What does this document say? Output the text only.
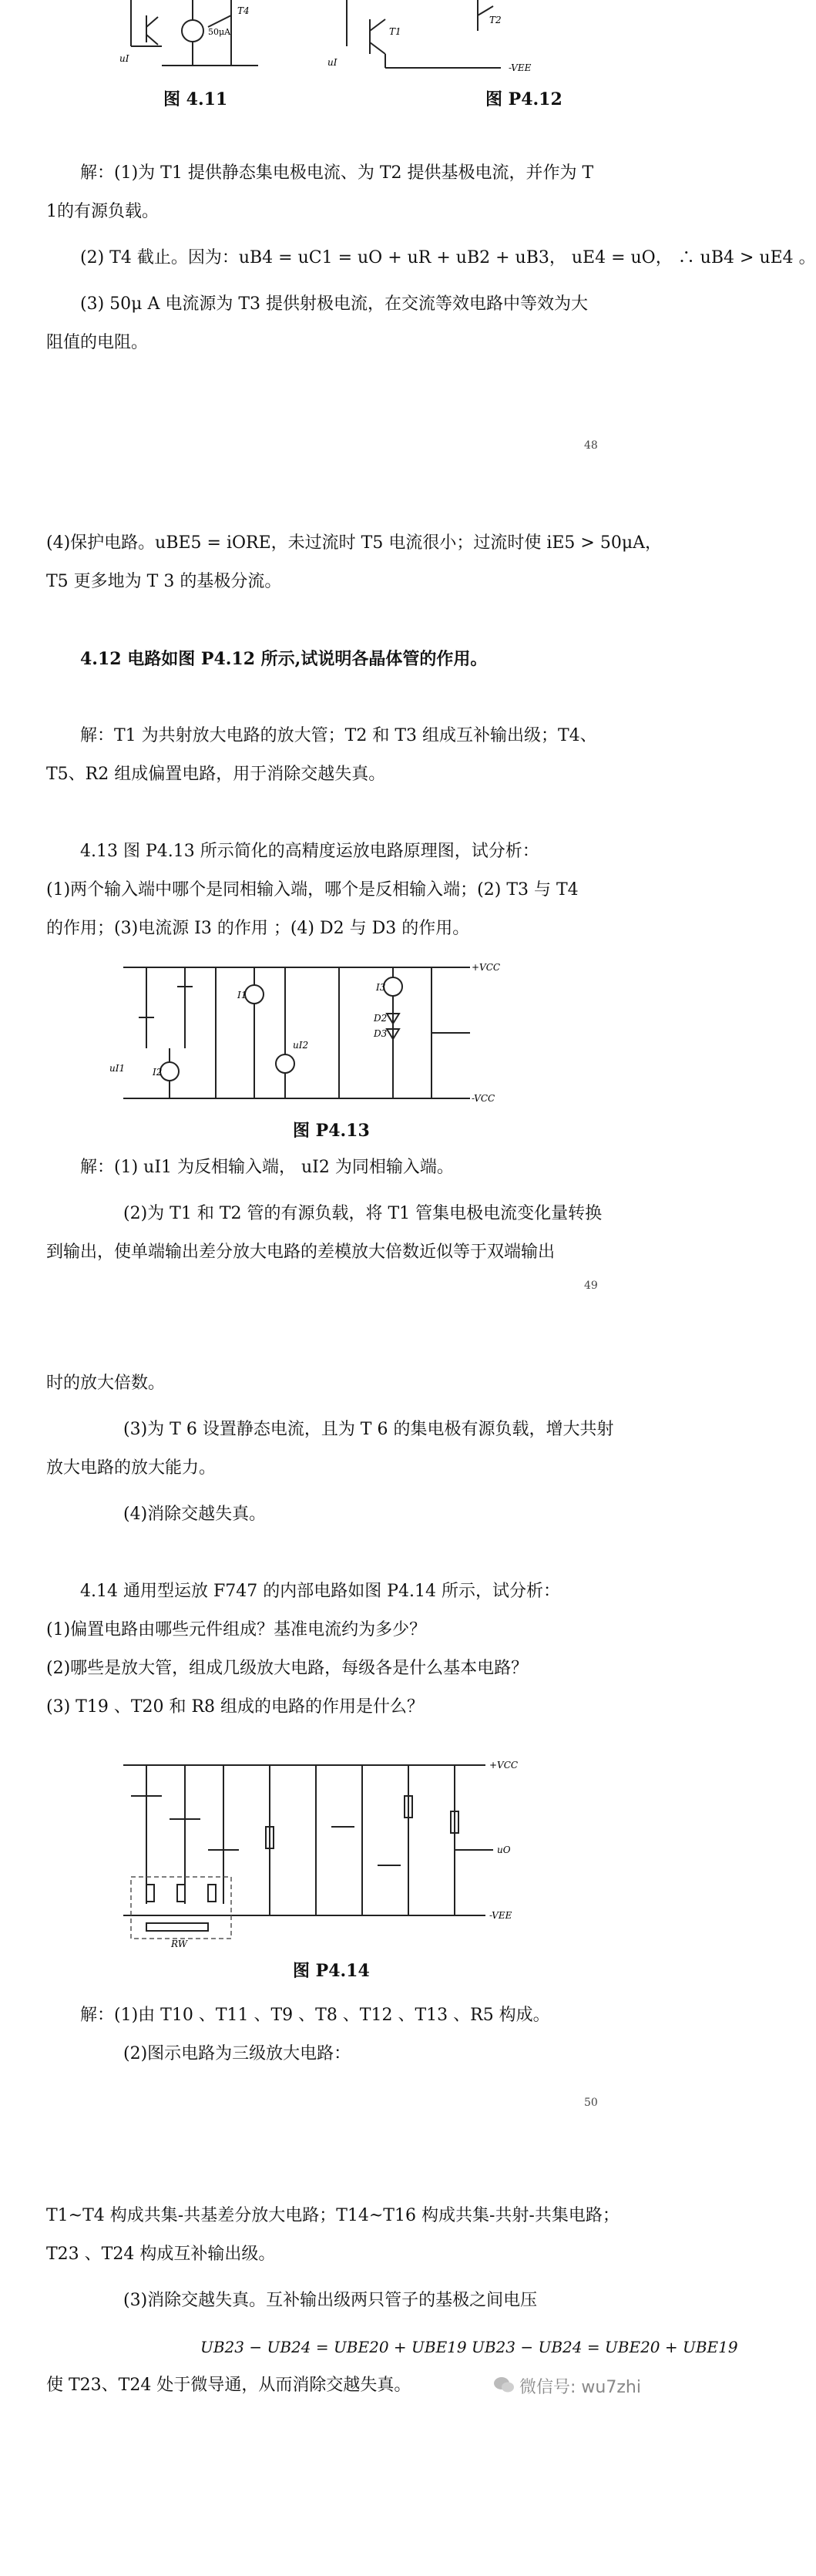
uI
50μA
T4
uI
T1
T2
-VEE
图 4.11	图 P4.12
解：(1)为 T1 提供静态集电极电流、为 T2 提供基极电流，并作为 T
1的有源负载。
(2) T4 截止。因为：uB4 = uC1 = uO + uR + uB2 + uB3， uE4 = uO， ∴ uB4 > uE4 。
(3) 50μ A 电流源为 T3 提供射极电流，在交流等效电路中等效为大
阻值的电阻。
48
(4)保护电路。uBE5 = iORE，未过流时 T5 电流很小；过流时使 iE5 > 50μA，
T5 更多地为 T 3 的基极分流。
4.12 电路如图 P4.12 所示,试说明各晶体管的作用。
解：T1 为共射放大电路的放大管；T2 和 T3 组成互补输出级；T4、
T5、R2 组成偏置电路，用于消除交越失真。
4.13 图 P4.13 所示简化的高精度运放电路原理图，试分析：
(1)两个输入端中哪个是同相输入端，哪个是反相输入端；(2) T3 与 T4
的作用；(3)电流源 I3 的作用 ；(4) D2 与 D3 的作用。
+VCC
-VCC
uI1
uI2
I1
I2
I3
D2
D3
图 P4.13
解：(1) uI1 为反相输入端， uI2 为同相输入端。
(2)为 T1 和 T2 管的有源负载，将 T1 管集电极电流变化量转换
到输出，使单端输出差分放大电路的差模放大倍数近似等于双端输出
49
时的放大倍数。
(3)为 T 6 设置静态电流，且为 T 6 的集电极有源负载，增大共射
放大电路的放大能力。
(4)消除交越失真。
4.14 通用型运放 F747 的内部电路如图 P4.14 所示，试分析：
(1)偏置电路由哪些元件组成？基准电流约为多少？
(2)哪些是放大管，组成几级放大电路，每级各是什么基本电路？
(3) T19 、T20 和 R8 组成的电路的作用是什么？
+VCC
-VEE
uO
RW
图 P4.14
解：(1)由 T10 、T11 、T9 、T8 、T12 、T13 、R5 构成。
(2)图示电路为三级放大电路：
50
T1~T4 构成共集-共基差分放大电路；T14~T16 构成共集-共射-共集电路；
T23 、T24 构成互补输出级。
(3)消除交越失真。互补输出级两只管子的基极之间电压
UB23 − UB24 = UBE20 + UBE19 UB23 − UB24 = UBE20 + UBE19
使 T23、T24 处于微导通，从而消除交越失真。	微信号: wu7zhi
